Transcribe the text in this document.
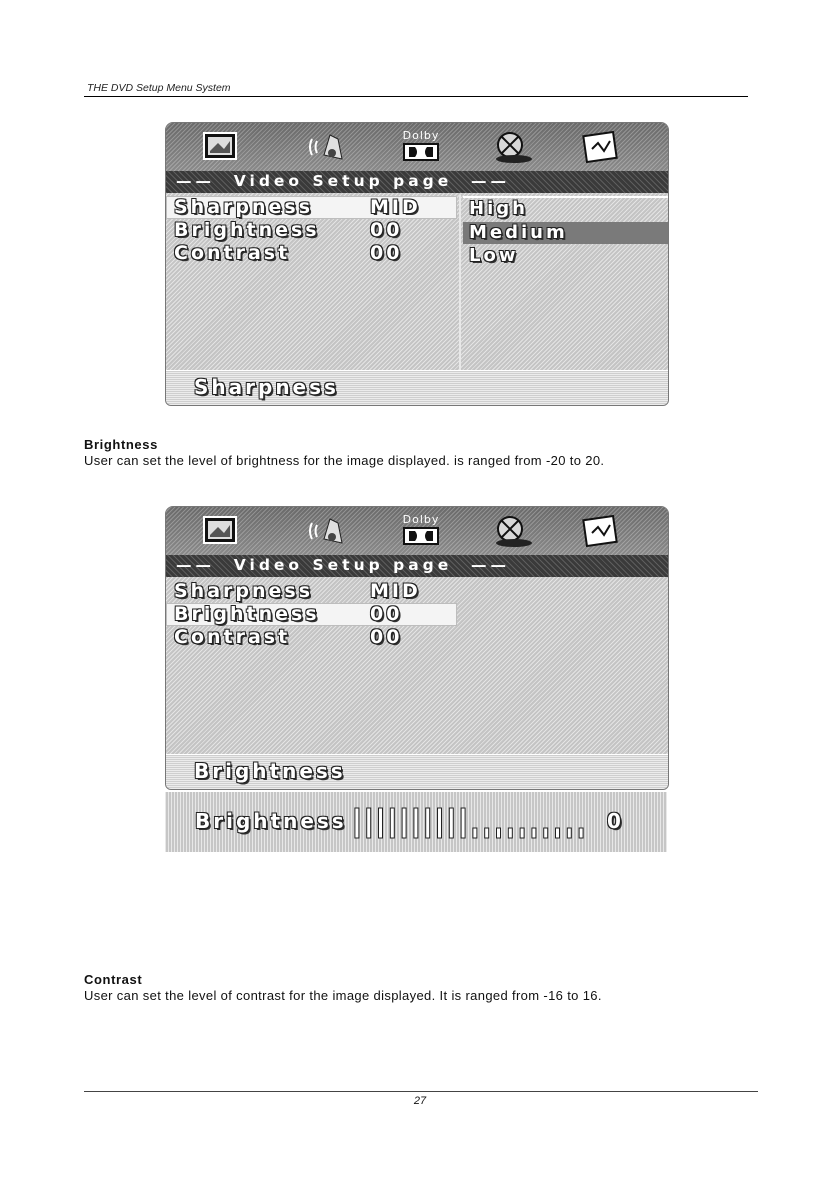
THE DVD Setup Menu System
Dolby
——  Video Setup page  ——
Sharpness	MID
Brightness	00
Contrast	00
High
Medium
Low
Sharpness

Brightness

User can set the level of brightness for the image displayed. is ranged from -20 to 20.

Dolby
——  Video Setup page  ——
Sharpness	MID
Brightness	00
Contrast	00
Brightness
Brightness	0

Contrast

User can set the level of contrast for the image displayed. It is ranged from -16 to 16.

27
